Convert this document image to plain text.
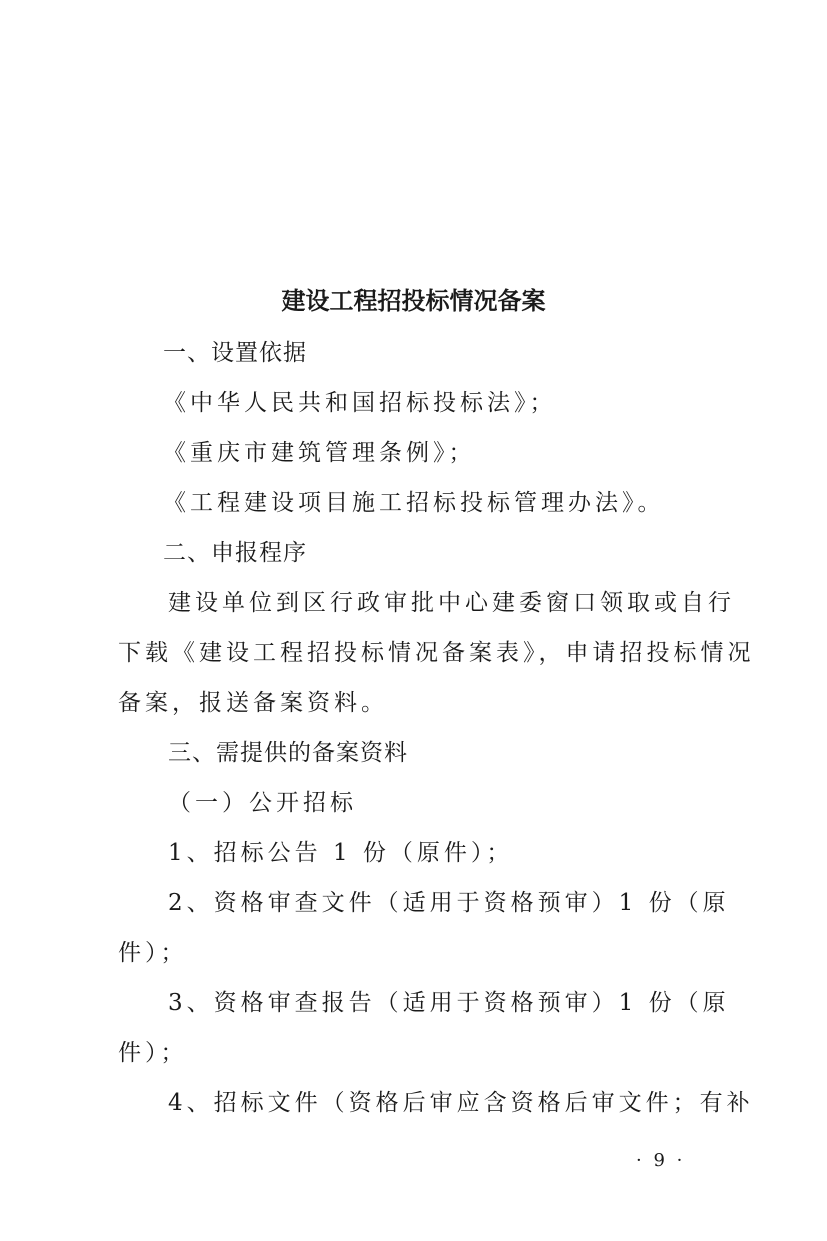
建设工程招投标情况备案
一、设置依据
《中华人民共和国招标投标法》；
《重庆市建筑管理条例》；
《工程建设项目施工招标投标管理办法》。
二、申报程序
建设单位到区行政审批中心建委窗口领取或自行
下载《建设工程招投标情况备案表》，申请招投标情况
备案，报送备案资料。
三、需提供的备案资料
（一）公开招标
1、招标公告 1 份（原件）；
2、资格审查文件（适用于资格预审）1 份（原
件）；
3、资格审查报告（适用于资格预审）1 份（原
件）；
4、招标文件（资格后审应含资格后审文件；有补
· 9 ·
